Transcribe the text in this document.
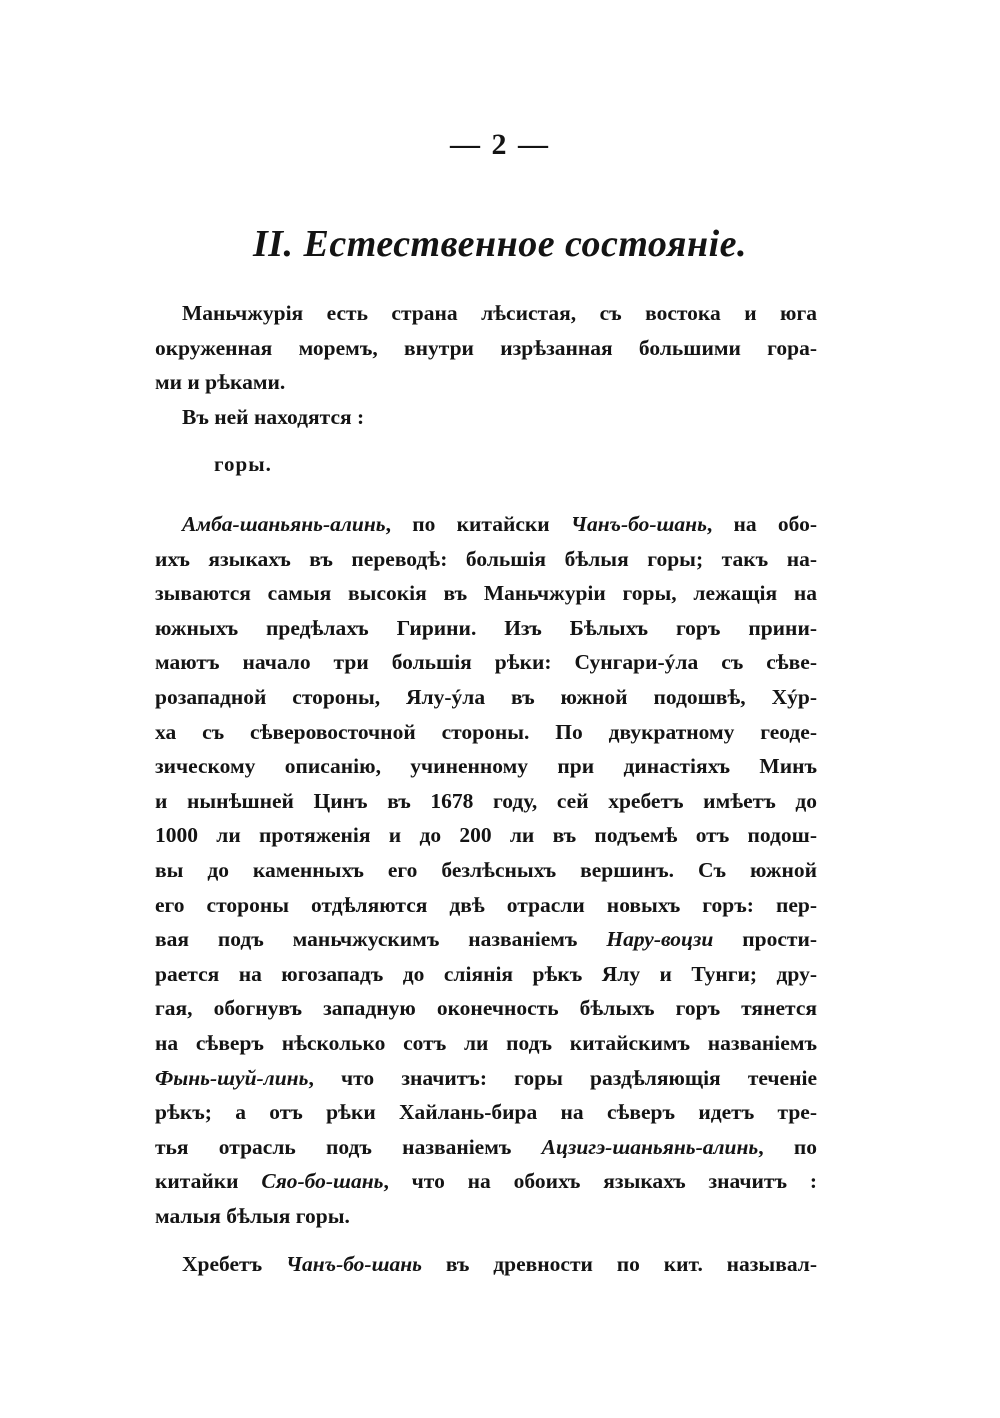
— 2 —
II. Естественное состоянiе.
Маньчжурiя есть страна лѣсистая, съ востока и юга
окруженная моремъ, внутри изрѣзанная большими гора-
ми и рѣками.
Въ ней находятся :
горы.
Амба-шаньянь-алинь, по китайски Чанъ-бо-шань, на обо-
ихъ языкахъ въ переводѣ: большiя бѣлыя горы; такъ на-
зываются самыя высокiя въ Маньчжурiи горы, лежащiя на
южныхъ предѣлахъ Гирини. Изъ Бѣлыхъ горъ прини-
маютъ начало три большiя рѣки: Сунгари-ýла съ сѣве-
розападной стороны, Ялу-ýла въ южной подошвѣ, Хýр-
ха съ сѣверовосточной стороны. По двукратному геоде-
зическому описанiю, учиненному при династiяхъ Минъ
и нынѣшней Цинъ въ 1678 году, сей хребетъ имѣетъ до
1000 ли протяженiя и до 200 ли въ подъемѣ отъ подош-
вы до каменныхъ его безлѣсныхъ вершинъ. Съ южной
его стороны отдѣляются двѣ отрасли новыхъ горъ: пер-
вая подъ маньчжускимъ названiемъ Нару-воцзи прости-
рается на югозападъ до слiянiя рѣкъ Ялу и Тунги; дру-
гая, обогнувъ западную оконечность бѣлыхъ горъ тянется
на сѣверъ нѣсколько сотъ ли подъ китайскимъ названiемъ
Фынь-шуй-линь, что значитъ: горы раздѣляющiя теченiе
рѣкъ; а отъ рѣки Хайлань-бира на сѣверъ идетъ тре-
тья отрасль подъ названiемъ Ацзигэ-шаньянь-алинь, по
китайки Сяо-бо-шань, что на обоихъ языкахъ значитъ :
малыя бѣлыя горы.
Хребетъ Чанъ-бо-шань въ древности по кит. называл-
